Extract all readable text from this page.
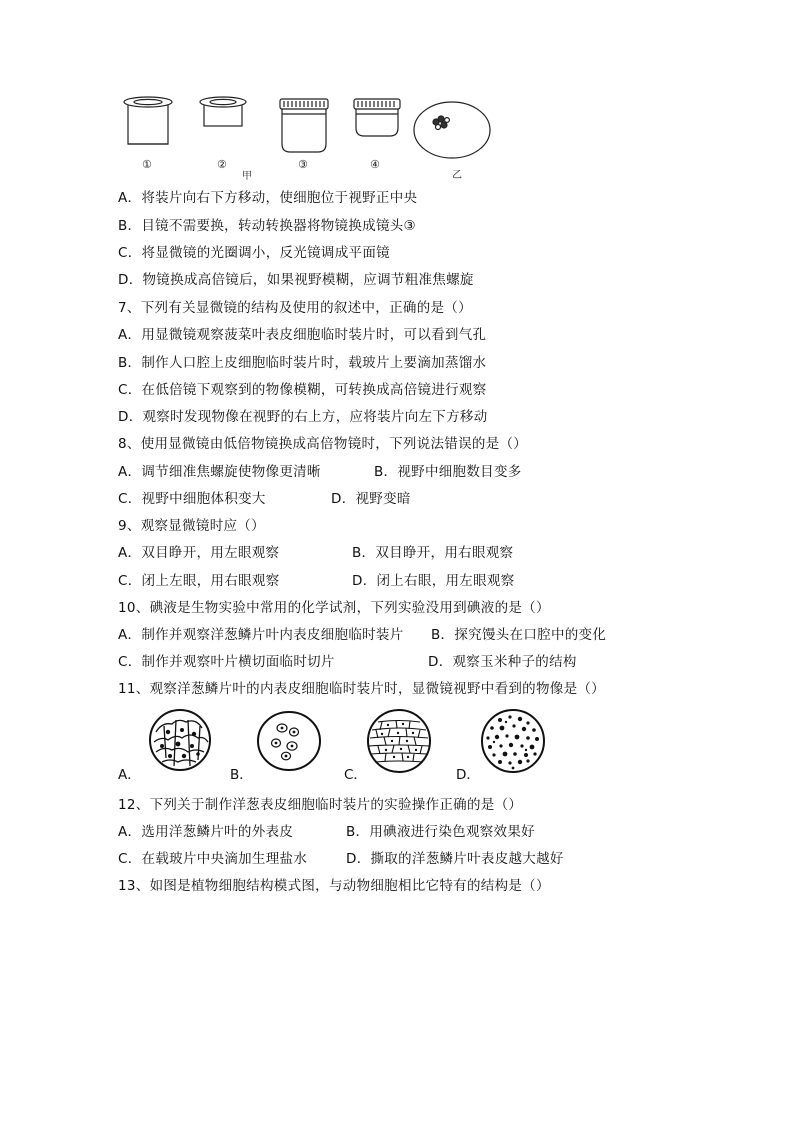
①	②	③	④
甲	乙
A．将装片向右下方移动，使细胞位于视野正中央
B．目镜不需要换，转动转换器将物镜换成镜头③
C．将显微镜的光圈调小，反光镜调成平面镜
D．物镜换成高倍镜后，如果视野模糊，应调节粗准焦螺旋
7、下列有关显微镜的结构及使用的叙述中，正确的是（）
A．用显微镜观察菠菜叶表皮细胞临时装片时，可以看到气孔
B．制作人口腔上皮细胞临时装片时，载玻片上要滴加蒸馏水
C．在低倍镜下观察到的物像模糊，可转换成高倍镜进行观察
D．观察时发现物像在视野的右上方，应将装片向左下方移动
8、使用显微镜由低倍物镜换成高倍物镜时，下列说法错误的是（）
A．调节细准焦螺旋使物像更清晰	B．视野中细胞数目变多
C．视野中细胞体积变大	D．视野变暗
9、观察显微镜时应（）
A．双目睁开，用左眼观察	B．双目睁开，用右眼观察
C．闭上左眼，用右眼观察	D．闭上右眼，用左眼观察
10、碘液是生物实验中常用的化学试剂，下列实验没用到碘液的是（）
A．制作并观察洋葱鳞片叶内表皮细胞临时装片 B．探究馒头在口腔中的变化
C．制作并观察叶片横切面临时切片	D．观察玉米种子的结构
11、观察洋葱鳞片叶的内表皮细胞临时装片时，显微镜视野中看到的物像是（）
A．	B．	C．	D．
12、下列关于制作洋葱表皮细胞临时装片的实验操作正确的是（）
A．选用洋葱鳞片叶的外表皮	B．用碘液进行染色观察效果好
C．在载玻片中央滴加生理盐水	D．撕取的洋葱鳞片叶表皮越大越好
13、如图是植物细胞结构模式图，与动物细胞相比它特有的结构是（）
